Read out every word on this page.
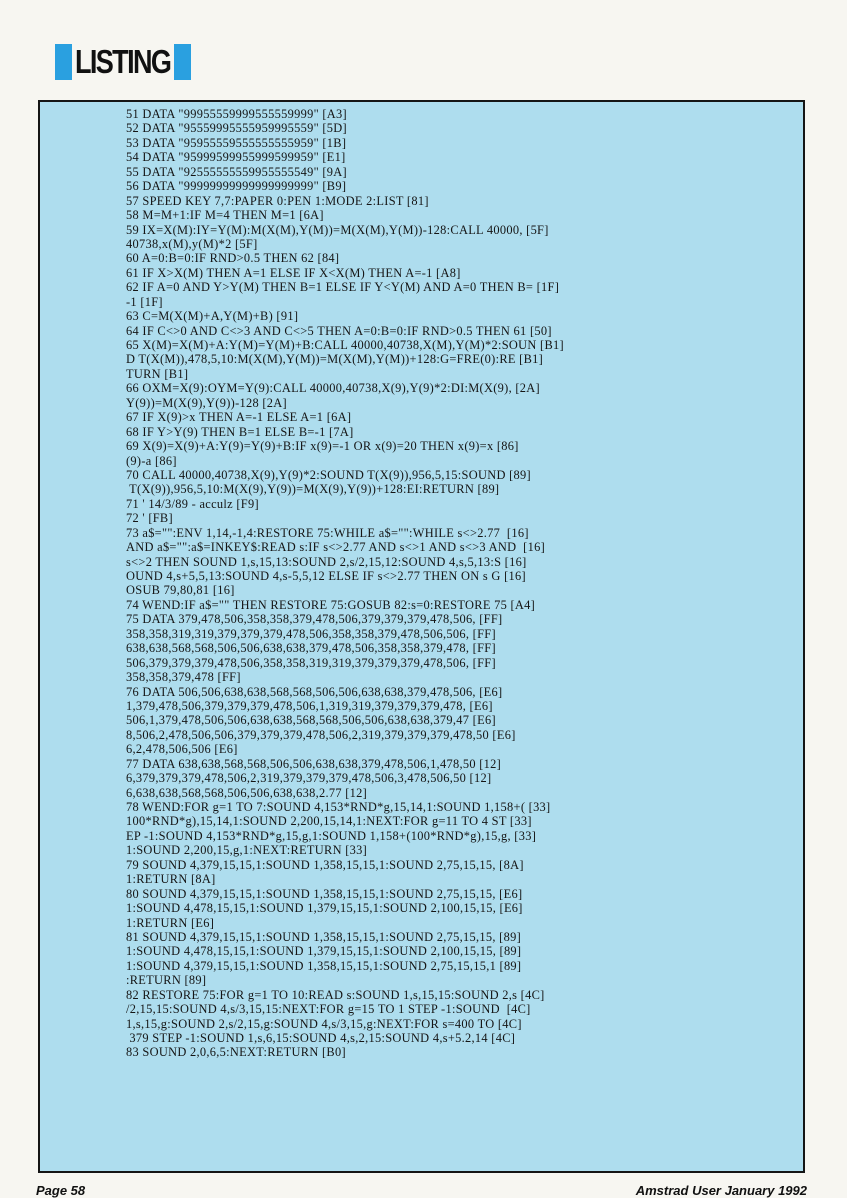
LISTING
51 DATA "99955559999555559999" [A3]
52 DATA "95559995555959995559" [5D]
53 DATA "95955559555555555959" [1B]
54 DATA "95999599955999599959" [E1]
55 DATA "92555555559955555549" [9A]
56 DATA "99999999999999999999" [B9]
57 SPEED KEY 7,7:PAPER 0:PEN 1:MODE 2:LIST [81]
58 M=M+1:IF M=4 THEN M=1 [6A]
59 IX=X(M):IY=Y(M):M(X(M),Y(M))=M(X(M),Y(M))-128:CALL 40000, [5F]
40738,x(M),y(M)*2 [5F]
60 A=0:B=0:IF RND>0.5 THEN 62 [84]
61 IF X>X(M) THEN A=1 ELSE IF X<X(M) THEN A=-1 [A8]
62 IF A=0 AND Y>Y(M) THEN B=1 ELSE IF Y<Y(M) AND A=0 THEN B= [1F]
-1 [1F]
63 C=M(X(M)+A,Y(M)+B) [91]
64 IF C<>0 AND C<>3 AND C<>5 THEN A=0:B=0:IF RND>0.5 THEN 61 [50]
65 X(M)=X(M)+A:Y(M)=Y(M)+B:CALL 40000,40738,X(M),Y(M)*2:SOUN [B1]
D T(X(M)),478,5,10:M(X(M),Y(M))=M(X(M),Y(M))+128:G=FRE(0):RE [B1]
TURN [B1]
66 OXM=X(9):OYM=Y(9):CALL 40000,40738,X(9),Y(9)*2:DI:M(X(9), [2A]
Y(9))=M(X(9),Y(9))-128 [2A]
67 IF X(9)>x THEN A=-1 ELSE A=1 [6A]
68 IF Y>Y(9) THEN B=1 ELSE B=-1 [7A]
69 X(9)=X(9)+A:Y(9)=Y(9)+B:IF x(9)=-1 OR x(9)=20 THEN x(9)=x [86]
(9)-a [86]
70 CALL 40000,40738,X(9),Y(9)*2:SOUND T(X(9)),956,5,15:SOUND [89]
T(X(9)),956,5,10:M(X(9),Y(9))=M(X(9),Y(9))+128:EI:RETURN [89]
71 ' 14/3/89 - acculz [F9]
72 ' [FB]
73 a$="":ENV 1,14,-1,4:RESTORE 75:WHILE a$="":WHILE s<>2.77  [16]
AND a$="":a$=INKEY$:READ s:IF s<>2.77 AND s<>1 AND s<>3 AND  [16]
s<>2 THEN SOUND 1,s,15,13:SOUND 2,s/2,15,12:SOUND 4,s,5,13:S [16]
OUND 4,s+5,5,13:SOUND 4,s-5,5,12 ELSE IF s<>2.77 THEN ON s G [16]
OSUB 79,80,81 [16]
74 WEND:IF a$="" THEN RESTORE 75:GOSUB 82:s=0:RESTORE 75 [A4]
75 DATA 379,478,506,358,358,379,478,506,379,379,379,478,506, [FF]
358,358,319,319,379,379,379,478,506,358,358,379,478,506,506, [FF]
638,638,568,568,506,506,638,638,379,478,506,358,358,379,478, [FF]
506,379,379,379,478,506,358,358,319,319,379,379,379,478,506, [FF]
358,358,379,478 [FF]
76 DATA 506,506,638,638,568,568,506,506,638,638,379,478,506, [E6]
1,379,478,506,379,379,379,478,506,1,319,319,379,379,379,478, [E6]
506,1,379,478,506,506,638,638,568,568,506,506,638,638,379,47 [E6]
8,506,2,478,506,506,379,379,379,478,506,2,319,379,379,379,478,50 [E6]
6,2,478,506,506 [E6]
77 DATA 638,638,568,568,506,506,638,638,379,478,506,1,478,50 [12]
6,379,379,379,478,506,2,319,379,379,379,478,506,3,478,506,50 [12]
6,638,638,568,568,506,506,638,638,2.77 [12]
78 WEND:FOR g=1 TO 7:SOUND 4,153*RND*g,15,14,1:SOUND 1,158+( [33]
100*RND*g),15,14,1:SOUND 2,200,15,14,1:NEXT:FOR g=11 TO 4 ST [33]
EP -1:SOUND 4,153*RND*g,15,g,1:SOUND 1,158+(100*RND*g),15,g, [33]
1:SOUND 2,200,15,g,1:NEXT:RETURN [33]
79 SOUND 4,379,15,15,1:SOUND 1,358,15,15,1:SOUND 2,75,15,15, [8A]
1:RETURN [8A]
80 SOUND 4,379,15,15,1:SOUND 1,358,15,15,1:SOUND 2,75,15,15, [E6]
1:SOUND 4,478,15,15,1:SOUND 1,379,15,15,1:SOUND 2,100,15,15, [E6]
1:RETURN [E6]
81 SOUND 4,379,15,15,1:SOUND 1,358,15,15,1:SOUND 2,75,15,15, [89]
1:SOUND 4,478,15,15,1:SOUND 1,379,15,15,1:SOUND 2,100,15,15, [89]
1:SOUND 4,379,15,15,1:SOUND 1,358,15,15,1:SOUND 2,75,15,15,1 [89]
:RETURN [89]
82 RESTORE 75:FOR g=1 TO 10:READ s:SOUND 1,s,15,15:SOUND 2,s [4C]
/2,15,15:SOUND 4,s/3,15,15:NEXT:FOR g=15 TO 1 STEP -1:SOUND  [4C]
1,s,15,g:SOUND 2,s/2,15,g:SOUND 4,s/3,15,g:NEXT:FOR s=400 TO [4C]
379 STEP -1:SOUND 1,s,6,15:SOUND 4,s,2,15:SOUND 4,s+5.2,14 [4C]
83 SOUND 2,0,6,5:NEXT:RETURN [B0]
Page 58	Amstrad User January 1992
